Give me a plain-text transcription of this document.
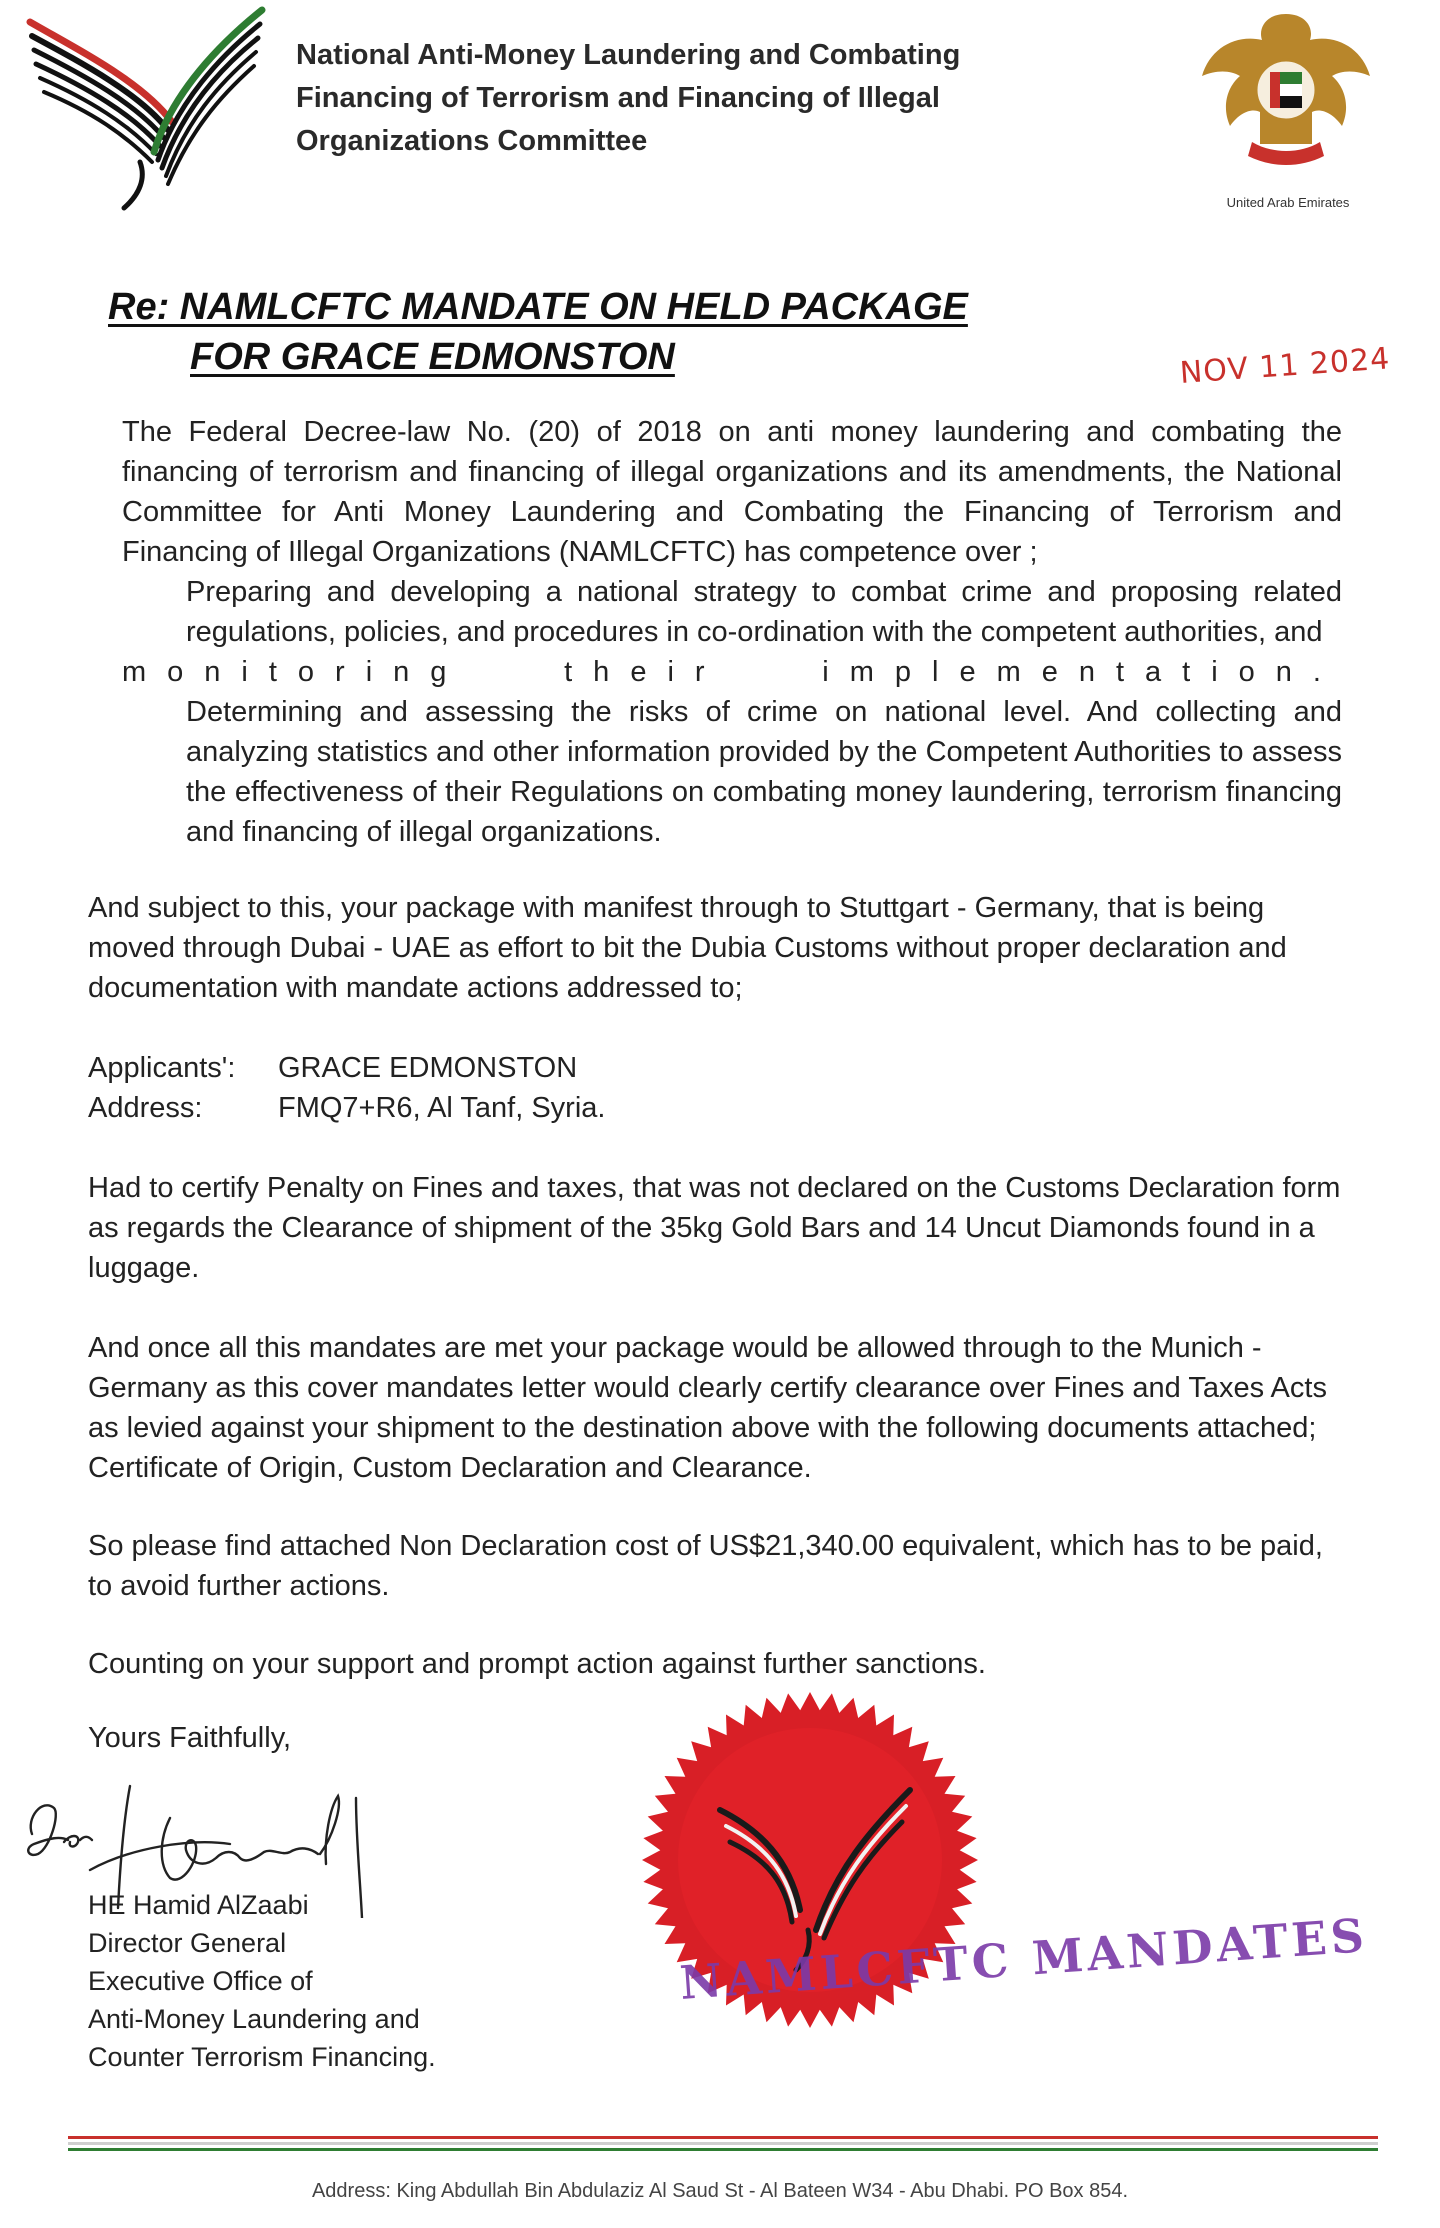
National Anti-Money Laundering and Combating
Financing of Terrorism and Financing of Illegal
Organizations Committee
United Arab Emirates
Re: NAMLCFTC MANDATE ON HELD PACKAGE
FOR GRACE EDMONSTON	NOV 11 2024
The Federal Decree-law No. (20) of 2018 on anti money laundering and combating the financing of terrorism and financing of illegal organizations and its amendments, the National Committee for Anti Money Laundering and Combating the Financing of Terrorism and Financing of Illegal Organizations (NAMLCFTC) has competence over ;
Preparing and developing a national strategy to combat crime and proposing related regulations, policies, and procedures in co-ordination with the competent authorities, and
monitoring their implementation.
Determining and assessing the risks of crime on national level. And collecting and analyzing statistics and other information provided by the Competent Authorities to assess the effectiveness of their Regulations on combating money laundering, terrorism financing and financing of illegal organizations.
And subject to this, your package with manifest through to Stuttgart - Germany, that is being moved through Dubai - UAE as effort to bit the Dubia Customs without proper declaration and documentation with mandate actions addressed to;
Applicants': GRACE EDMONSTON
Address:	FMQ7+R6, Al Tanf, Syria.
Had to certify Penalty on Fines and taxes, that was not declared on the Customs Declaration form as regards the Clearance of shipment of the 35kg Gold Bars and 14 Uncut Diamonds found in a luggage.
And once all this mandates are met your package would be allowed through to the Munich - Germany as this cover mandates letter would clearly certify clearance over Fines and Taxes Acts as levied against your shipment to the destination above with the following documents attached; Certificate of Origin, Custom Declaration and Clearance.
So please find attached Non Declaration cost of US$21,340.00 equivalent, which has to be paid, to avoid further actions.
Counting on your support and prompt action against further sanctions.
Yours Faithfully,
HE Hamid AlZaabi
Director General
Executive Office of
Anti-Money Laundering and
Counter Terrorism Financing.
NAMLCFTC MANDATES
Address: King Abdullah Bin Abdulaziz Al Saud St - Al Bateen W34 - Abu Dhabi. PO Box 854.
